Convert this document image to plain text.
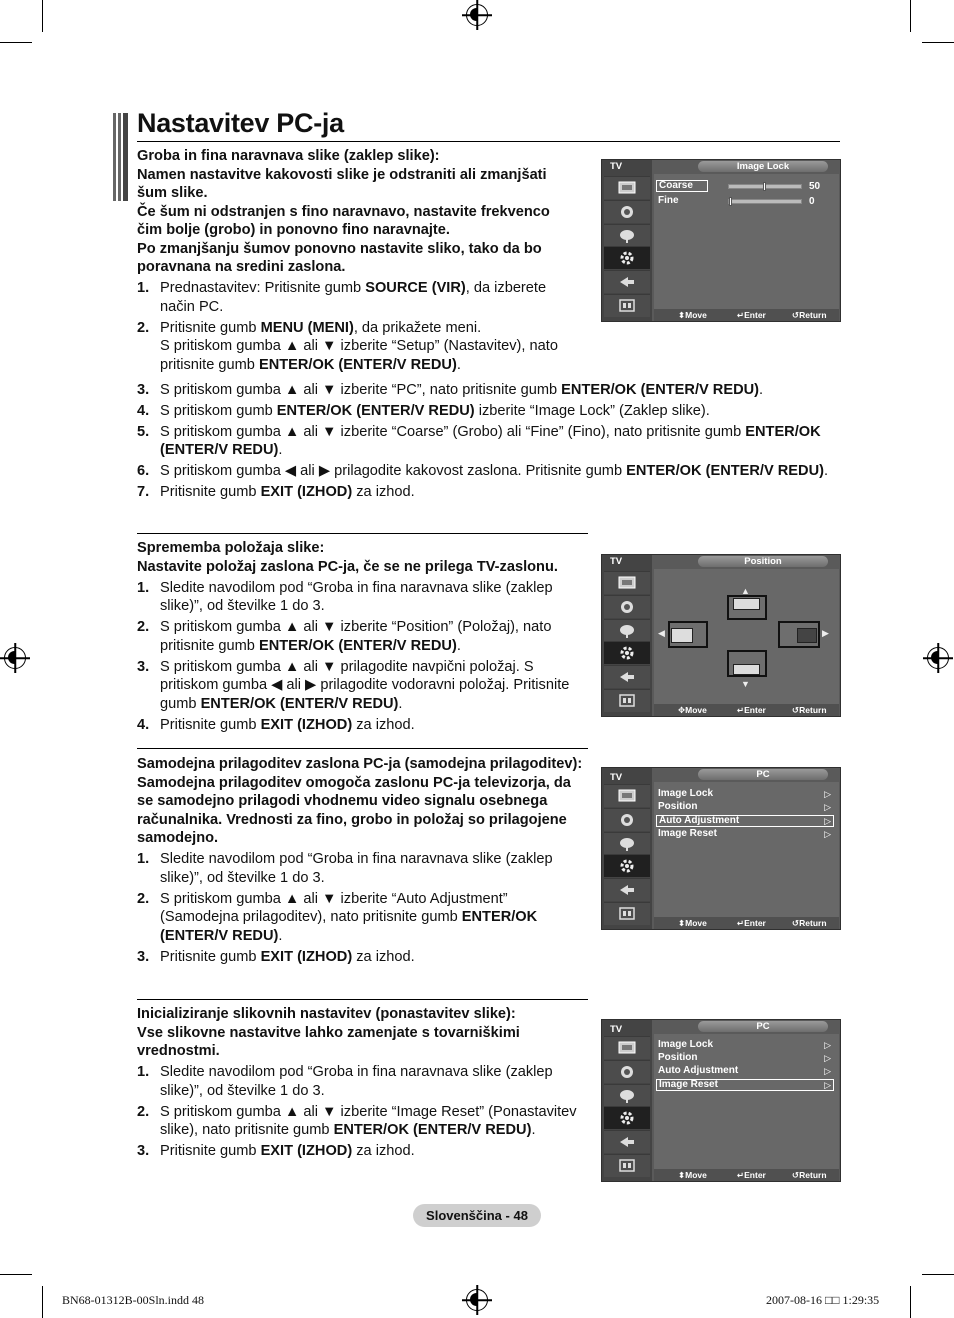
Nastavitev PC-ja
Groba in fina naravnava slike (zaklep slike):
Namen nastavitve kakovosti slike je odstraniti ali zmanjšati šum slike.
Če šum ni odstranjen s fino naravnavo, nastavite frekvenco čim bolje (grobo) in ponovno fino naravnajte.
Po zmanjšanju šumov ponovno nastavite sliko, tako da bo poravnana na sredini zaslona.
1. Prednastavitev: Pritisnite gumb SOURCE (VIR), da izberete način PC.
2. Pritisnite gumb MENU (MENI), da prikažete meni.
S pritiskom gumba ▲ ali ▼ izberite “Setup” (Nastavitev), nato pritisnite gumb ENTER/OK (ENTER/V REDU).
3. S pritiskom gumba ▲ ali ▼ izberite “PC”, nato pritisnite gumb ENTER/OK (ENTER/V REDU).
4. S pritiskom gumb ENTER/OK (ENTER/V REDU) izberite “Image Lock” (Zaklep slike).
5. S pritiskom gumba ▲ ali ▼ izberite “Coarse” (Grobo) ali “Fine” (Fino), nato pritisnite gumb ENTER/OK (ENTER/V REDU).
6. S pritiskom gumba ◀ ali ▶ prilagodite kakovost zaslona. Pritisnite gumb ENTER/OK (ENTER/V REDU).
7. Pritisnite gumb EXIT (IZHOD) za izhod.
Sprememba položaja slike:
Nastavite položaj zaslona PC-ja, če se ne prilega TV-zaslonu.
1. Sledite navodilom pod “Groba in fina naravnava slike (zaklep slike)”, od številke 1 do 3.
2. S pritiskom gumba ▲ ali ▼ izberite “Position” (Položaj), nato pritisnite gumb ENTER/OK (ENTER/V REDU).
3. S pritiskom gumba ▲ ali ▼ prilagodite navpični položaj. S pritiskom gumba ◀ ali ▶ prilagodite vodoravni položaj. Pritisnite gumb ENTER/OK (ENTER/V REDU).
4. Pritisnite gumb EXIT (IZHOD) za izhod.
Samodejna prilagoditev zaslona PC-ja (samodejna prilagoditev):
Samodejna prilagoditev omogoča zaslonu PC-ja televizorja, da se samodejno prilagodi vhodnemu video signalu osebnega računalnika. Vrednosti za fino, grobo in položaj so prilagojene samodejno.
1. Sledite navodilom pod “Groba in fina naravnava slike (zaklep slike)”, od številke 1 do 3.
2. S pritiskom gumba ▲ ali ▼ izberite “Auto Adjustment” (Samodejna prilagoditev), nato pritisnite gumb ENTER/OK (ENTER/V REDU).
3. Pritisnite gumb EXIT (IZHOD) za izhod.
Inicializiranje slikovnih nastavitev (ponastavitev slike):
Vse slikovne nastavitve lahko zamenjate s tovarniškimi vrednostmi.
1. Sledite navodilom pod “Groba in fina naravnava slike (zaklep slike)”, od številke 1 do 3.
2. S pritiskom gumba ▲ ali ▼ izberite “Image Reset” (Ponastavitev slike), nato pritisnite gumb ENTER/OK (ENTER/V REDU).
3. Pritisnite gumb EXIT (IZHOD) za izhod.
TV	Image Lock
Coarse	50
Fine	0
⬍ Move	↵ Enter	↺ Return
TV	Position
▲
◀	▶
▼
✥ Move	↵ Enter	↺ Return
TV	PC
Image Lock	▷
Position	▷
Auto Adjustment	▷
Image Reset	▷
⬍ Move	↵ Enter	↺ Return
TV	PC
Image Lock	▷
Position	▷
Auto Adjustment	▷
Image Reset	▷
⬍ Move	↵ Enter	↺ Return
Slovenščina - 48
BN68-01312B-00Sln.indd 48	2007-08-16 □□ 1:29:35
